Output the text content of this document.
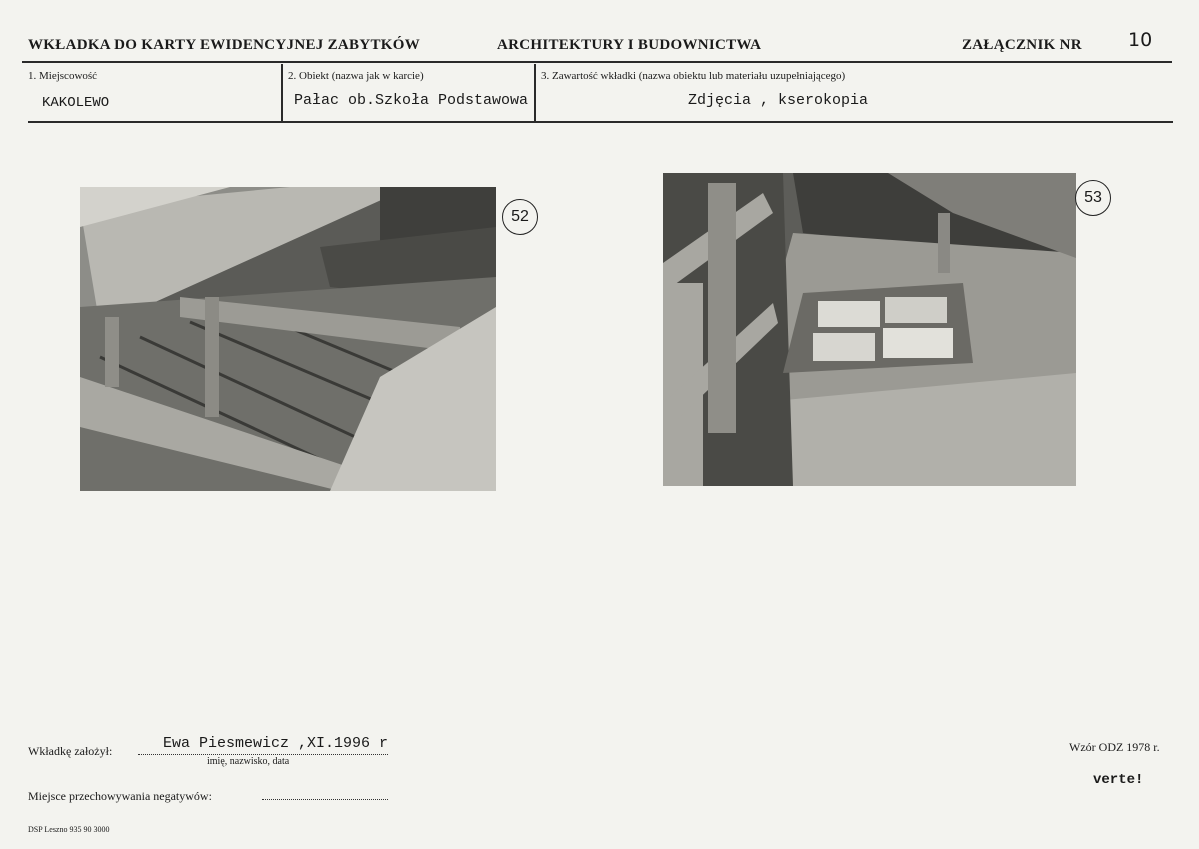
WKŁADKA DO KARTY EWIDENCYJNEJ ZABYTKÓW	ARCHITEKTURY I BUDOWNICTWA	ZAŁĄCZNIK NR 10
1. Miejscowość
KAKOLEWO
2. Obiekt (nazwa jak w karcie)
Pałac ob.Szkoła Podstawowa
3. Zawartość wkładki (nazwa obiektu lub materiału uzupełniającego)
Zdjęcia , kserokopia
52
53
Wkładkę założył:	Ewa Piesmewicz ,XI.1996 r
imię, nazwisko, data
Miejsce przechowywania negatywów:
Wzór ODZ 1978 r.
verte!
DSP Leszno 935 90 3000
